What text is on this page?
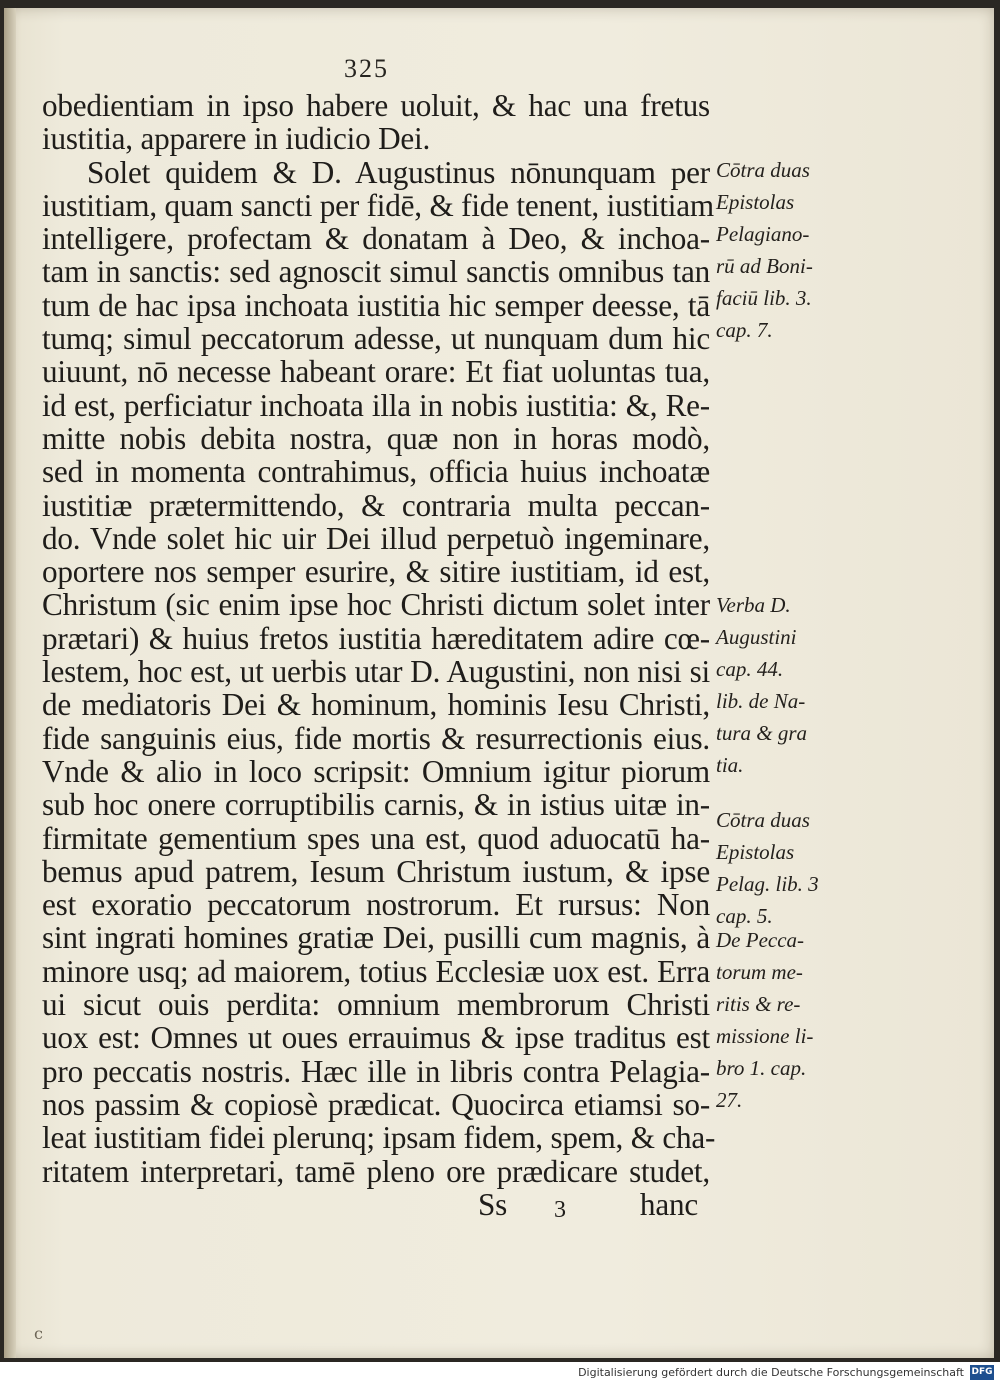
325
obedientiam in ipso habere uoluit, & hac una fretus
iustitia, apparere in iudicio Dei.
Solet quidem & D. Augustinus nōnunquam per
iustitiam, quam sancti per fidē, & fide tenent, iustitiam
intelligere, profectam & donatam à Deo, & inchoa-
tam in sanctis: sed agnoscit simul sanctis omnibus tan
tum de hac ipsa inchoata iustitia hic semper deesse, tā
tumq; simul peccatorum adesse, ut nunquam dum hic
uiuunt, nō necesse habeant orare: Et fiat uoluntas tua,
id est, perficiatur inchoata illa in nobis iustitia: &, Re-
mitte nobis debita nostra, quæ non in horas modò,
sed in momenta contrahimus, officia huius inchoatæ
iustitiæ prætermittendo, & contraria multa peccan-
do. Vnde solet hic uir Dei illud perpetuò ingeminare,
oportere nos semper esurire, & sitire iustitiam, id est,
Christum (sic enim ipse hoc Christi dictum solet inter
prætari) & huius fretos iustitia hæreditatem adire cœ-
lestem, hoc est, ut uerbis utar D. Augustini, non nisi si
de mediatoris Dei & hominum, hominis Iesu Christi,
fide sanguinis eius, fide mortis & resurrectionis eius.
Vnde & alio in loco scripsit: Omnium igitur piorum
sub hoc onere corruptibilis carnis, & in istius uitæ in-
firmitate gementium spes una est, quod aduocatū ha-
bemus apud patrem, Iesum Christum iustum, & ipse
est exoratio peccatorum nostrorum. Et rursus: Non
sint ingrati homines gratiæ Dei, pusilli cum magnis, à
minore usq; ad maiorem, totius Ecclesiæ uox est. Erra
ui sicut ouis perdita: omnium membrorum Christi
uox est: Omnes ut oues errauimus & ipse traditus est
pro peccatis nostris. Hæc ille in libris contra Pelagia-
nos passim & copiosè prædicat. Quocirca etiamsi so-
leat iustitiam fidei plerunq; ipsam fidem, spem, & cha-
ritatem interpretari, tamē pleno ore prædicare studet,
Ss 3 hanc
Cōtra duas
Epistolas
Pelagiano-
rū ad Boni-
faciū lib. 3.
cap. 7.
Verba D.
Augustini
cap. 44.
lib. de Na-
tura & gra
tia.
Cōtra duas
Epistolas
Pelag. lib. 3
cap. 5.
De Pecca-
torum me-
ritis & re-
missione li-
bro 1. cap.
27.
c
Digitalisierung gefördert durch die Deutsche Forschungsgemeinschaft DFG
